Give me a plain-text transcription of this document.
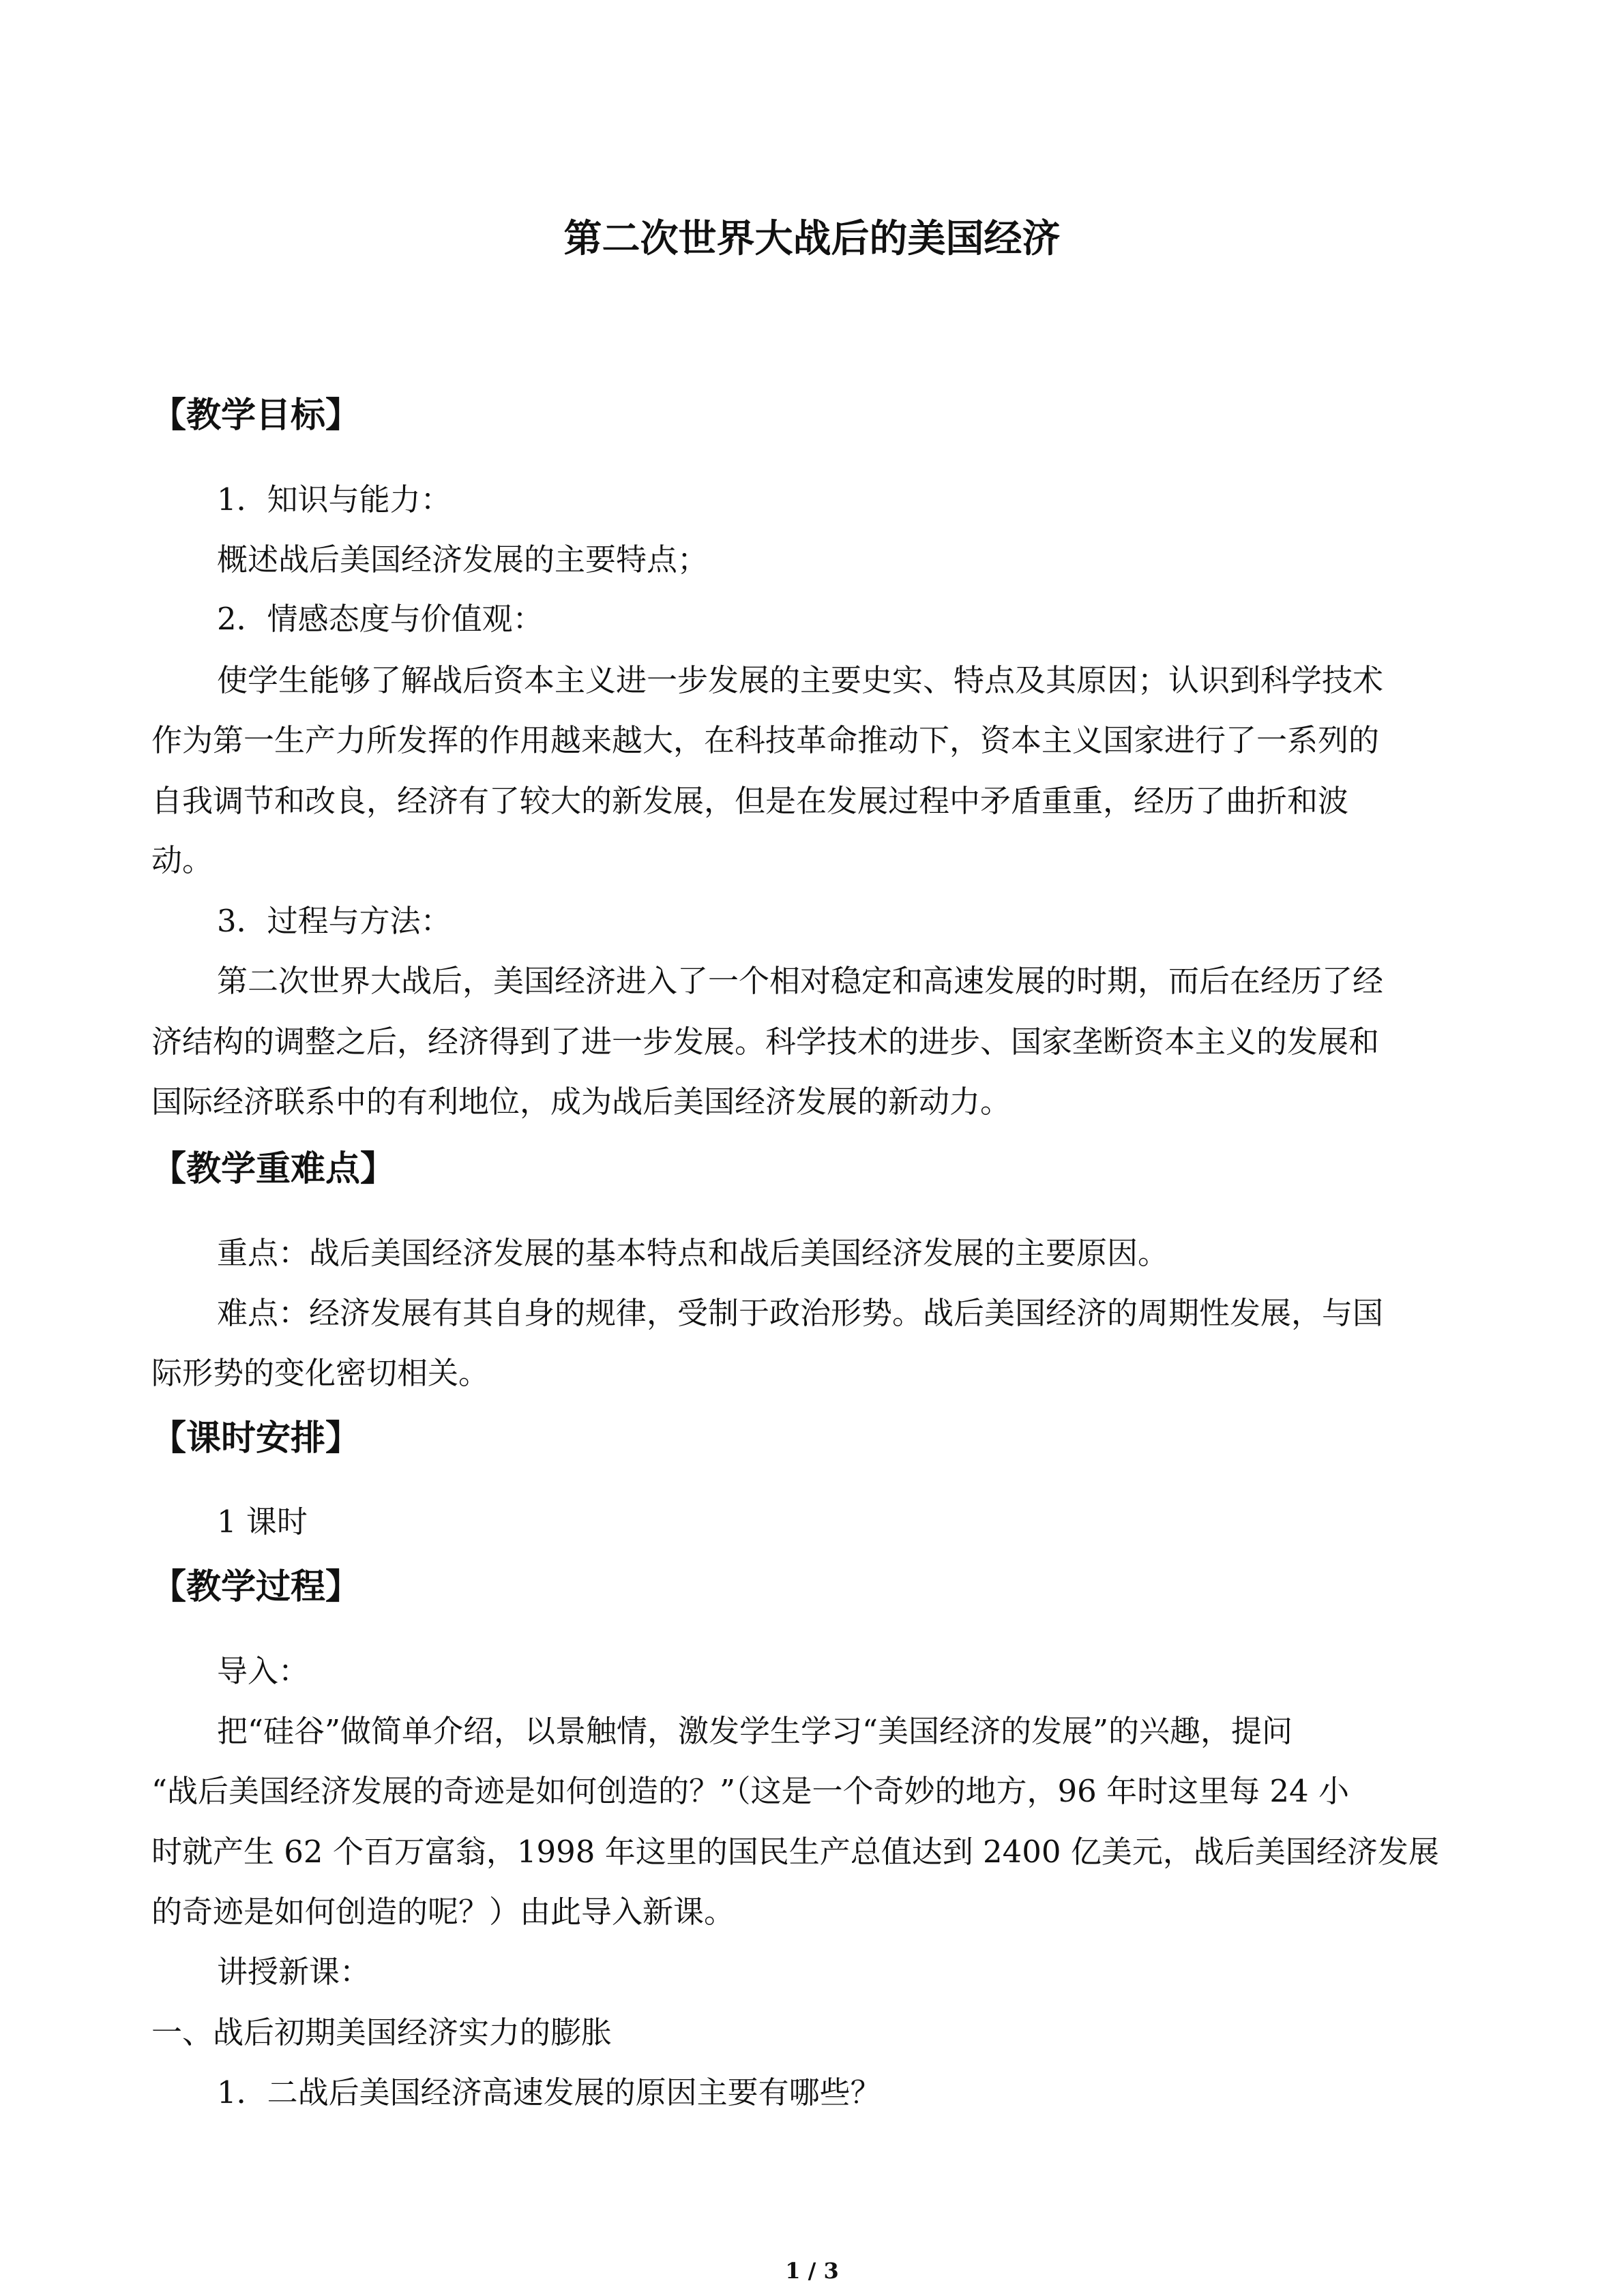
第二次世界大战后的美国经济
【教学目标】
1．知识与能力：
概述战后美国经济发展的主要特点；
2．情感态度与价值观：
使学生能够了解战后资本主义进一步发展的主要史实、特点及其原因；认识到科学技术
作为第一生产力所发挥的作用越来越大，在科技革命推动下，资本主义国家进行了一系列的
自我调节和改良，经济有了较大的新发展，但是在发展过程中矛盾重重，经历了曲折和波
动。
3．过程与方法：
第二次世界大战后，美国经济进入了一个相对稳定和高速发展的时期，而后在经历了经
济结构的调整之后，经济得到了进一步发展。科学技术的进步、国家垄断资本主义的发展和
国际经济联系中的有利地位，成为战后美国经济发展的新动力。
【教学重难点】
重点：战后美国经济发展的基本特点和战后美国经济发展的主要原因。
难点：经济发展有其自身的规律，受制于政治形势。战后美国经济的周期性发展，与国
际形势的变化密切相关。
【课时安排】
1 课时
【教学过程】
导入：
把“硅谷”做简单介绍，以景触情，激发学生学习“美国经济的发展”的兴趣，提问
“战后美国经济发展的奇迹是如何创造的？”（这是一个奇妙的地方，96 年时这里每 24 小
时就产生 62 个百万富翁，1998 年这里的国民生产总值达到 2400 亿美元，战后美国经济发展
的奇迹是如何创造的呢？）由此导入新课。
讲授新课：
一、战后初期美国经济实力的膨胀
1．二战后美国经济高速发展的原因主要有哪些？
1 / 3
